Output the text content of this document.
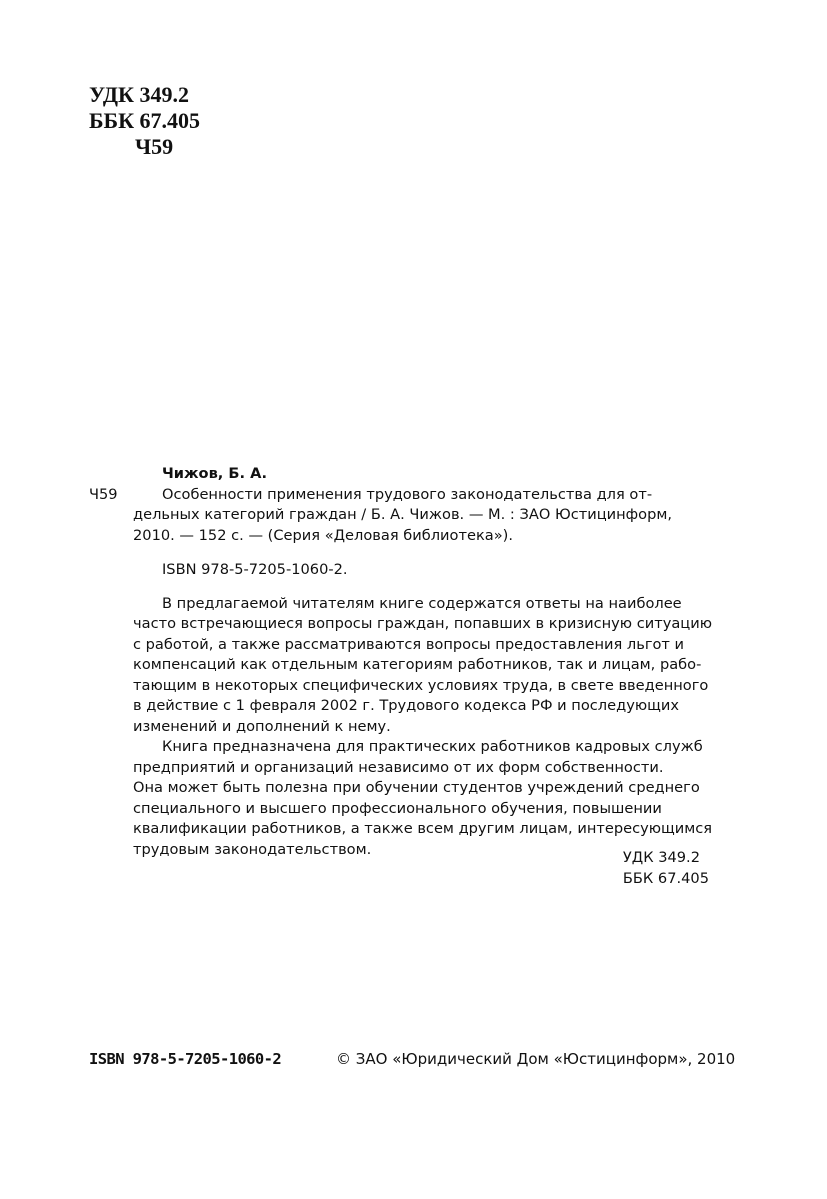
УДК 349.2
ББК 67.405
Ч59
Чижов, Б. А.
Ч59	Особенности применения трудового законодательства для от-
дельных категорий граждан / Б. А. Чижов. — М. : ЗАО Юстицинформ,
2010. — 152 с. — (Серия «Деловая библиотека»).
ISBN 978-5-7205-1060-2.
В предлагаемой читателям книге содержатся ответы на наиболее
часто встречающиеся вопросы граждан, попавших в кризисную ситуацию
с работой, а также рассматриваются вопросы предоставления льгот и
компенсаций как отдельным категориям работников, так и лицам, рабо-
тающим в некоторых специфических условиях труда, в свете введенного
в действие с 1 февраля 2002 г. Трудового кодекса РФ и последующих
изменений и дополнений к нему.
Книга предназначена для практических работников кадровых служб
предприятий и организаций независимо от их форм собственности.
Она может быть полезна при обучении студентов учреждений среднего
специального и высшего профессионального обучения, повышении
квалификации работников, а также всем другим лицам, интересующимся
трудовым законодательством.	УДК 349.2
ББК 67.405
ISBN 978-5-7205-1060-2	© ЗАО «Юридический Дом «Юстицинформ», 2010
